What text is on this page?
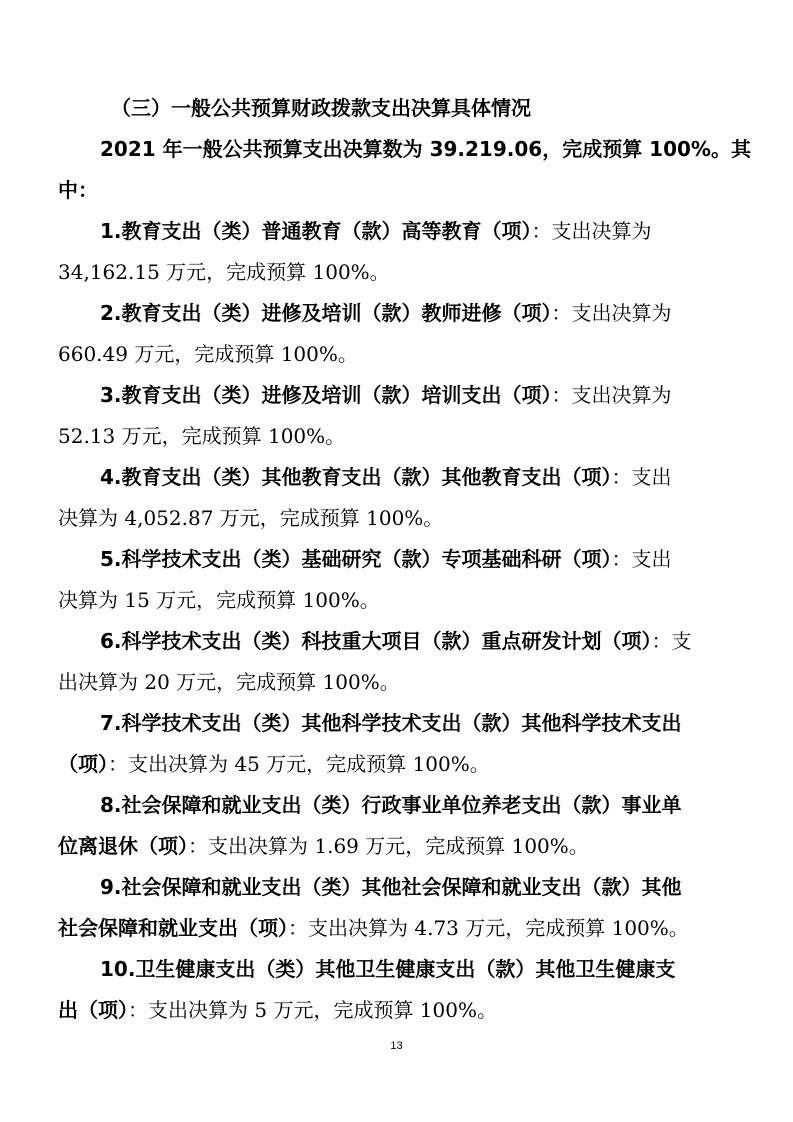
（三）一般公共预算财政拨款支出决算具体情况
2021 年一般公共预算支出决算数为 39.219.06，完成预算 100%。其
中：
1.教育支出（类）普通教育（款）高等教育（项）：支出决算为
34,162.15 万元，完成预算 100%。
2.教育支出（类）进修及培训（款）教师进修（项）：支出决算为
660.49 万元，完成预算 100%。
3.教育支出（类）进修及培训（款）培训支出（项）：支出决算为
52.13 万元，完成预算 100%。
4.教育支出（类）其他教育支出（款）其他教育支出（项）：支出
决算为 4,052.87 万元，完成预算 100%。
5.科学技术支出（类）基础研究（款）专项基础科研（项）：支出
决算为 15 万元，完成预算 100%。
6.科学技术支出（类）科技重大项目（款）重点研发计划（项）：支
出决算为 20 万元，完成预算 100%。
7.科学技术支出（类）其他科学技术支出（款）其他科学技术支出
（项）：支出决算为 45 万元，完成预算 100%。
8.社会保障和就业支出（类）行政事业单位养老支出（款）事业单
位离退休（项）：支出决算为 1.69 万元，完成预算 100%。
9.社会保障和就业支出（类）其他社会保障和就业支出（款）其他
社会保障和就业支出（项）：支出决算为 4.73 万元，完成预算 100%。
10.卫生健康支出（类）其他卫生健康支出（款）其他卫生健康支
出（项）：支出决算为 5 万元，完成预算 100%。
13
